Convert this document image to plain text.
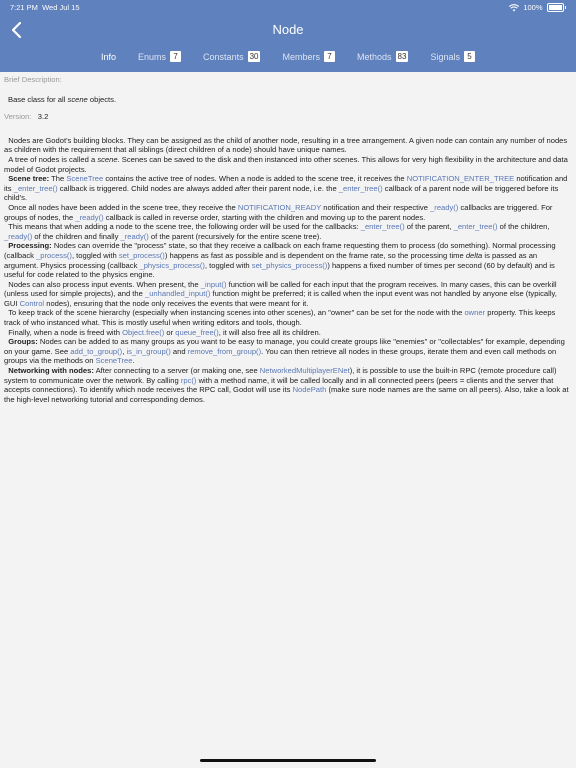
7:21 PM Wed Jul 15	100%
Node
Info Enums 7	Constants 30	Members 7	Methods 83	Signals 5
Brief Description:
Base class for all scene objects.
Version: 3.2

Nodes are Godot's building blocks. They can be assigned as the child of another node, resulting in a tree arrangement. A given node can contain any number of nodes as children with the requirement that all siblings (direct children of a node) should have unique names.

A tree of nodes is called a scene. Scenes can be saved to the disk and then instanced into other scenes. This allows for very high flexibility in the architecture and data model of Godot projects.

Scene tree: The SceneTree contains the active tree of nodes. When a node is added to the scene tree, it receives the NOTIFICATION_ENTER_TREE notification and its _enter_tree() callback is triggered. Child nodes are always added after their parent node, i.e. the _enter_tree() callback of a parent node will be triggered before its child's.

Once all nodes have been added in the scene tree, they receive the NOTIFICATION_READY notification and their respective _ready() callbacks are triggered. For groups of nodes, the _ready() callback is called in reverse order, starting with the children and moving up to the parent nodes.

This means that when adding a node to the scene tree, the following order will be used for the callbacks: _enter_tree() of the parent, _enter_tree() of the children, _ready() of the children and finally _ready() of the parent (recursively for the entire scene tree).

Processing: Nodes can override the "process" state, so that they receive a callback on each frame requesting them to process (do something). Normal processing (callback _process(), toggled with set_process()) happens as fast as possible and is dependent on the frame rate, so the processing time delta is passed as an argument. Physics processing (callback _physics_process(), toggled with set_physics_process()) happens a fixed number of times per second (60 by default) and is useful for code related to the physics engine.

Nodes can also process input events. When present, the _input() function will be called for each input that the program receives. In many cases, this can be overkill (unless used for simple projects), and the _unhandled_input() function might be preferred; it is called when the input event was not handled by anyone else (typically, GUI Control nodes), ensuring that the node only receives the events that were meant for it.

To keep track of the scene hierarchy (especially when instancing scenes into other scenes), an "owner" can be set for the node with the owner property. This keeps track of who instanced what. This is mostly useful when writing editors and tools, though.

Finally, when a node is freed with Object.free() or queue_free(), it will also free all its children.

Groups: Nodes can be added to as many groups as you want to be easy to manage, you could create groups like "enemies" or "collectables" for example, depending on your game. See add_to_group(), is_in_group() and remove_from_group(). You can then retrieve all nodes in these groups, iterate them and even call methods on groups via the methods on SceneTree.

Networking with nodes: After connecting to a server (or making one, see NetworkedMultiplayerENet), it is possible to use the built-in RPC (remote procedure call) system to communicate over the network. By calling rpc() with a method name, it will be called locally and in all connected peers (peers = clients and the server that accepts connections). To identify which node receives the RPC call, Godot will use its NodePath (make sure node names are the same on all peers). Also, take a look at the high-level networking tutorial and corresponding demos.
